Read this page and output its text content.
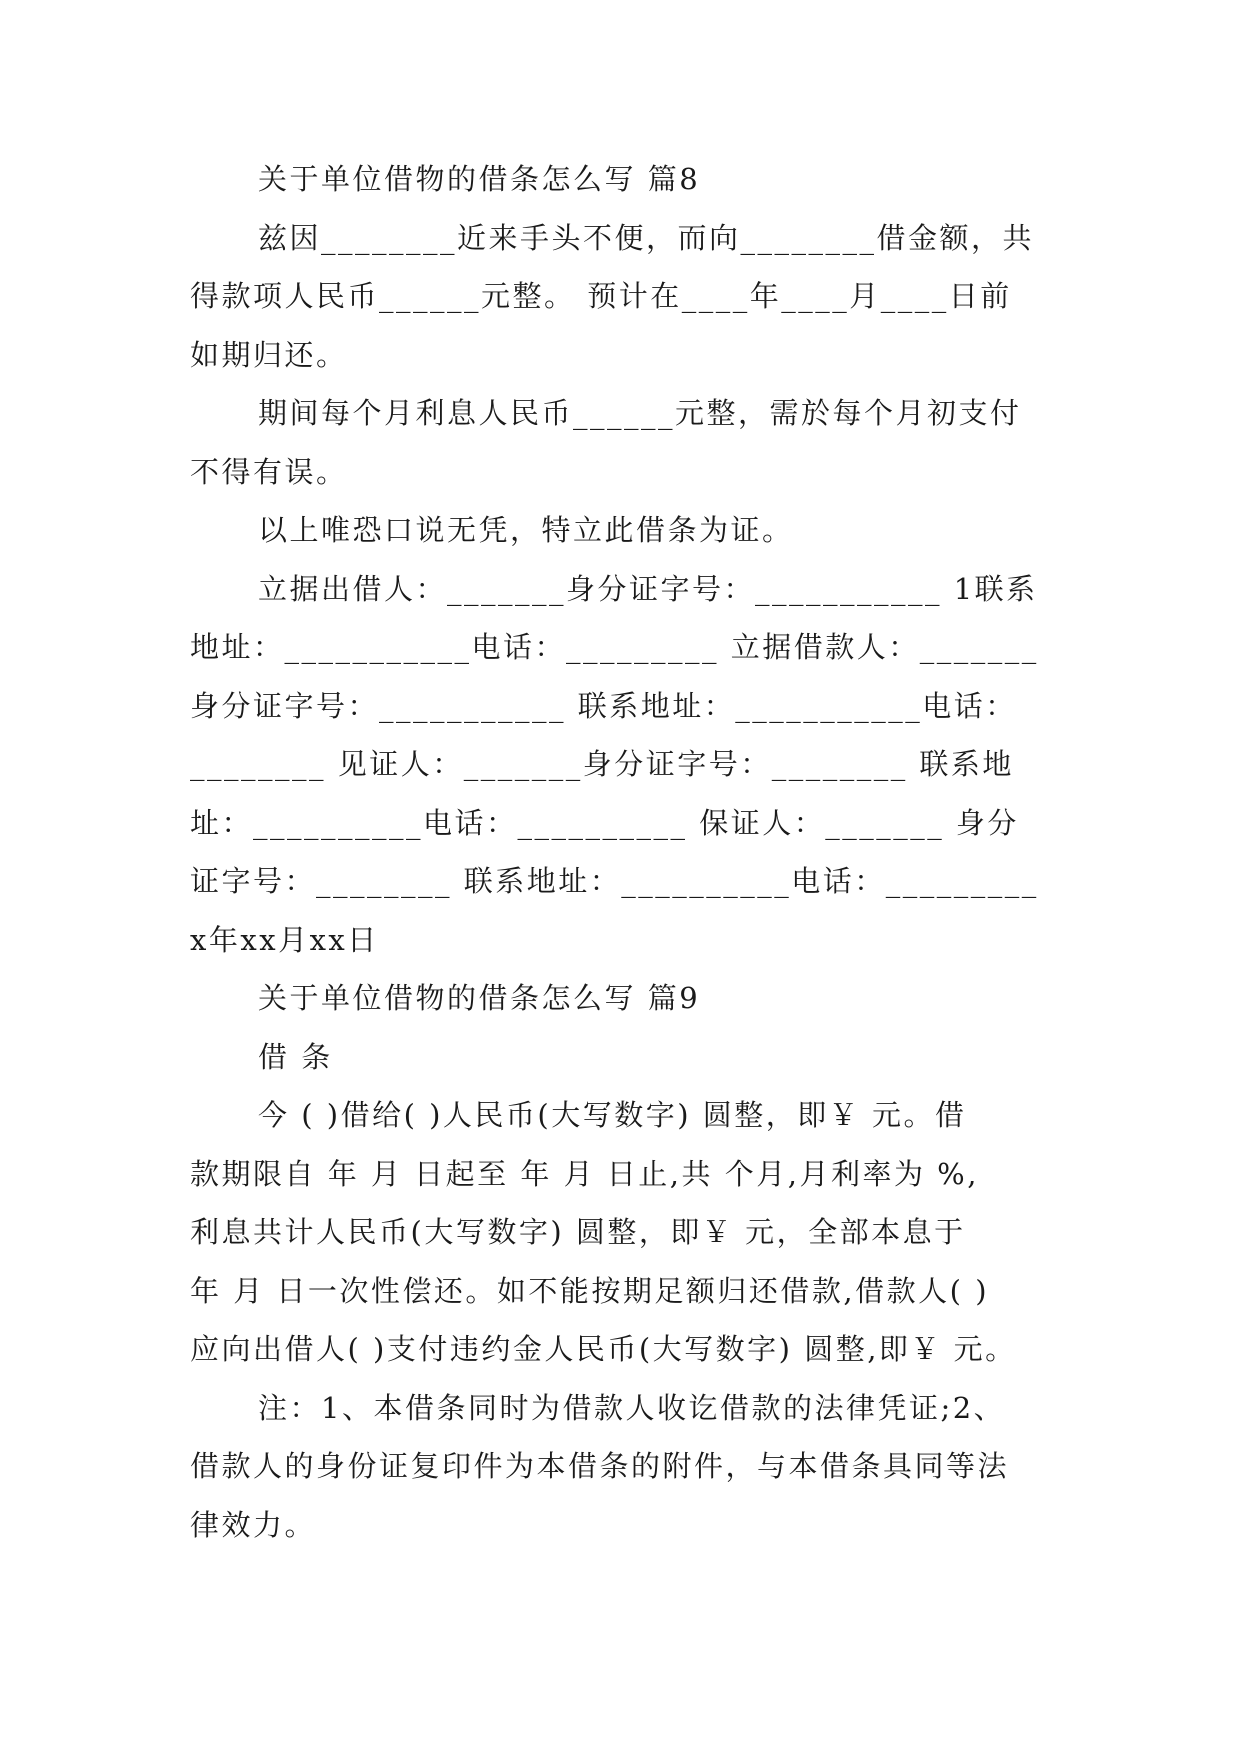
关于单位借物的借条怎么写 篇8

兹因________近来手头不便，而向________借金额，共

得款项人民币______元整。 预计在____年____月____日前

如期归还。

期间每个月利息人民币______元整，需於每个月初支付

不得有误。

以上唯恐口说无凭，特立此借条为证。

立据出借人：_______身分证字号：___________ 1联系

地址：___________电话：_________ 立据借款人：_______

身分证字号：___________ 联系地址：___________电话：

________ 见证人：_______身分证字号：________ 联系地

址：__________电话：__________ 保证人：_______ 身分

证字号：________ 联系地址：__________电话：_________

x年xx月xx日

关于单位借物的借条怎么写 篇9

借 条

今 ( )借给( )人民币(大写数字) 圆整，即￥ 元。借

款期限自 年 月 日起至 年 月 日止,共 个月,月利率为 %,

利息共计人民币(大写数字) 圆整，即￥ 元，全部本息于

年 月 日一次性偿还。如不能按期足额归还借款,借款人( )

应向出借人( )支付违约金人民币(大写数字) 圆整,即￥ 元。

注：1、本借条同时为借款人收讫借款的法律凭证;2、

借款人的身份证复印件为本借条的附件，与本借条具同等法

律效力。
